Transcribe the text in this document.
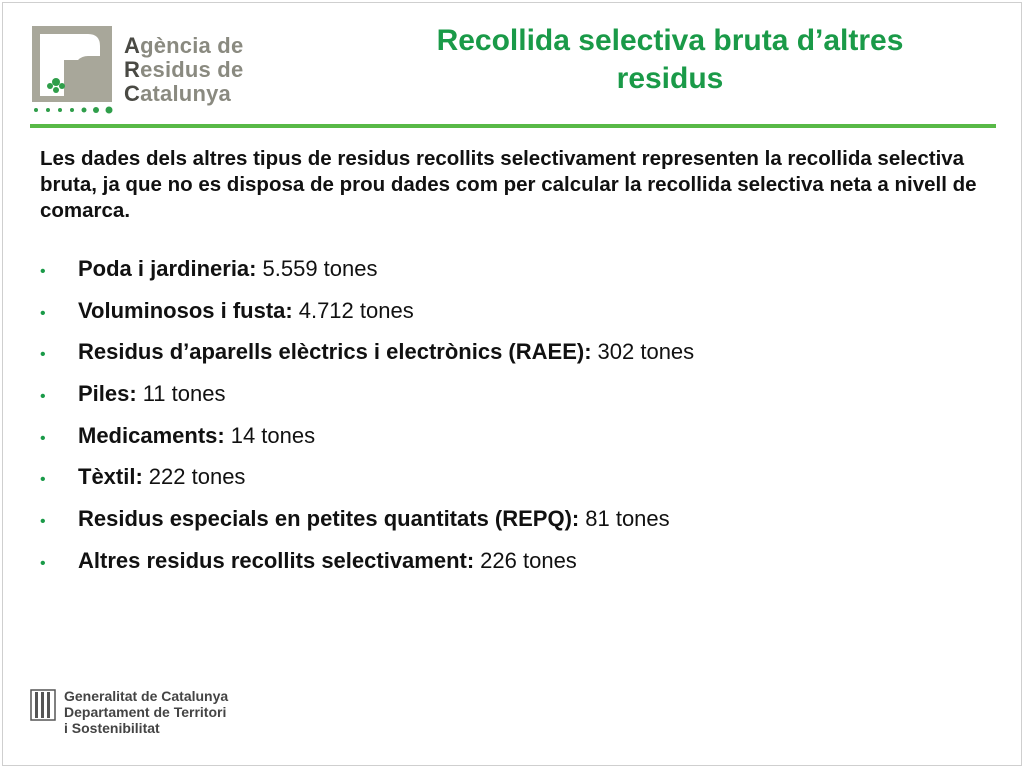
Agència de
Residus de
Catalunya
Recollida selectiva bruta d’altres residus

Les dades dels altres tipus de residus recollits selectivament representen la recollida selectiva bruta, ja que no es disposa de prou dades com per calcular la recollida selectiva neta a nivell de comarca.

•	Poda i jardineria: 5.559 tones
•	Voluminosos i fusta: 4.712 tones
•	Residus d’aparells elèctrics i electrònics (RAEE): 302 tones
•	Piles: 11 tones
•	Medicaments: 14 tones
•	Tèxtil: 222 tones
•	Residus especials en petites quantitats (REPQ): 81 tones
•	Altres residus recollits selectivament: 226 tones
Generalitat de Catalunya
Departament de Territori
i Sostenibilitat
